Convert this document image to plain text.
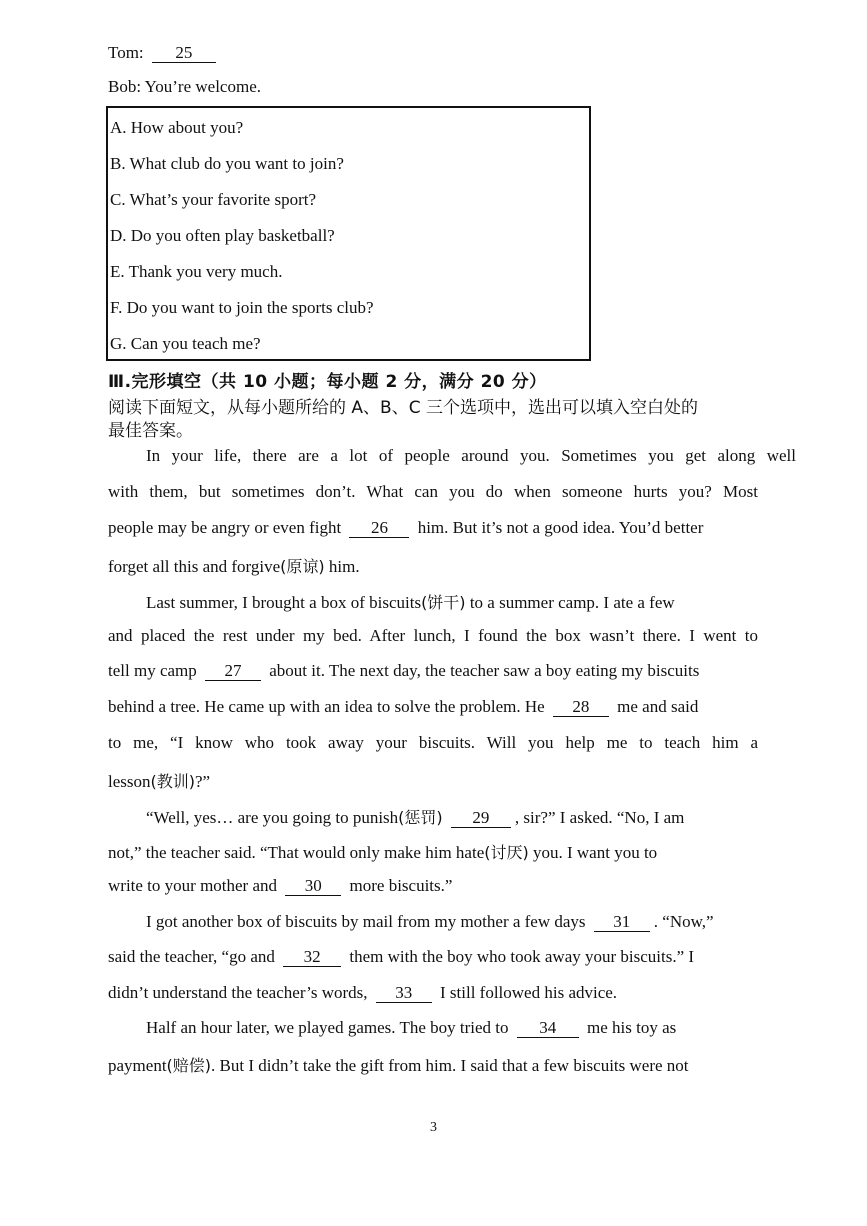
Tom: 25
Bob: You’re welcome.
A. How about you?
B. What club do you want to join?
C. What’s your favorite sport?
D. Do you often play basketball?
E. Thank you very much.
F. Do you want to join the sports club?
G. Can you teach me?
Ⅲ.完形填空（共 10 小题；每小题 2 分，满分 20 分）
阅读下面短文，从每小题所给的 A、B、C 三个选项中，选出可以填入空白处的
最佳答案。
In your life, there are a lot of people around you. Sometimes you get along well
with them, but sometimes don’t. What can you do when someone hurts you? Most
people may be angry or even fight 26 him. But it’s not a good idea. You’d better
forget all this and forgive(原谅) him.
Last summer, I brought a box of biscuits(饼干) to a summer camp. I ate a few
and placed the rest under my bed. After lunch, I found the box wasn’t there. I went to
tell my camp 27 about it. The next day, the teacher saw a boy eating my biscuits
behind a tree. He came up with an idea to solve the problem. He 28 me and said
to me, “I know who took away your biscuits. Will you help me to teach him a
lesson(教训)?”
“Well, yes… are you going to punish(惩罚) 29 , sir?” I asked. “No, I am
not,” the teacher said. “That would only make him hate(讨厌) you. I want you to
write to your mother and 30 more biscuits.”
I got another box of biscuits by mail from my mother a few days 31 . “Now,”
said the teacher, “go and 32 them with the boy who took away your biscuits.” I
didn’t understand the teacher’s words, 33 I still followed his advice.
Half an hour later, we played games. The boy tried to 34 me his toy as
payment(赔偿). But I didn’t take the gift from him. I said that a few biscuits were not
3
